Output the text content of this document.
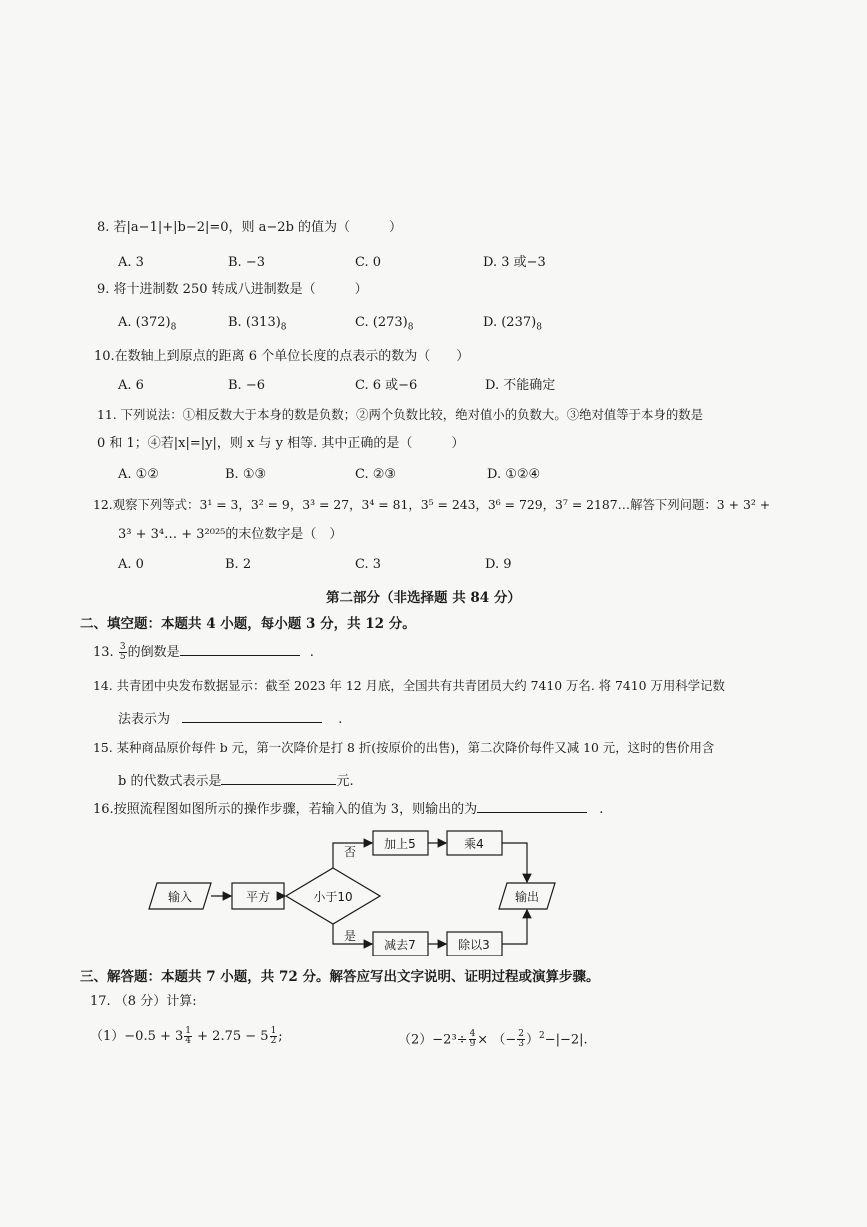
8. 若|a−1|+|b−2|=0，则 a−2b 的值为（　　　）
A. 3	B. −3	C. 0	D. 3 或−3
9. 将十进制数 250 转成八进制数是（　　　）
A. $(372)_8$	B. $(313)_8$	C. $(273)_8$	D. $(237)_8$
10.在数轴上到原点的距离 6 个单位长度的点表示的数为（　　）
A. 6	B. −6	C. 6 或−6	D. 不能确定
11. 下列说法：①相反数大于本身的数是负数；②两个负数比较，绝对值小的负数大。③绝对值等于本身的数是
0 和 1；④若|x|=|y|，则 x 与 y 相等. 其中正确的是（　　　）
A. ①②	B. ①③	C. ②③	D. ①②④
12.观察下列等式：3¹ = 3，3² = 9，3³ = 27，3⁴ = 81，3⁵ = 243，3⁶ = 729，3⁷ = 2187…解答下列问题：3 + 3² +
3³ + 3⁴… + 3²⁰²⁵的末位数字是（　）
A. 0	B. 2	C. 3	D. 9
第二部分（非选择题 共 84 分）
二、填空题：本题共 4 小题，每小题 3 分，共 12 分。
13. $\frac{3}{5}$ 的倒数是	.
14. 共青团中央发布数据显示：截至 2023 年 12 月底，全国共有共青团员大约 7410 万名. 将 7410 万用科学记数
法表示为	.
15. 某种商品原价每件 b 元，第一次降价是打 8 折(按原价的出售)，第二次降价每件又减 10 元，这时的售价用含
b 的代数式表示是	元.
16.按照流程图如图所示的操作步骤，若输入的值为 3，则输出的为	.
输入	平方	小于10
否
是
加上5	乘4
减去7	除以3
输出
三、解答题：本题共 7 小题，共 72 分。解答应写出文字说明、证明过程或演算步骤。
17. （8 分）计算:
$(1)-0.5 + 3 \frac{1}{4} + 2.75 - 5 \frac{1}{2}$ ;	$(2)-2^3\div \frac{4}{9}$ × （− $\frac{2}{3} )^2-|-2|$.
